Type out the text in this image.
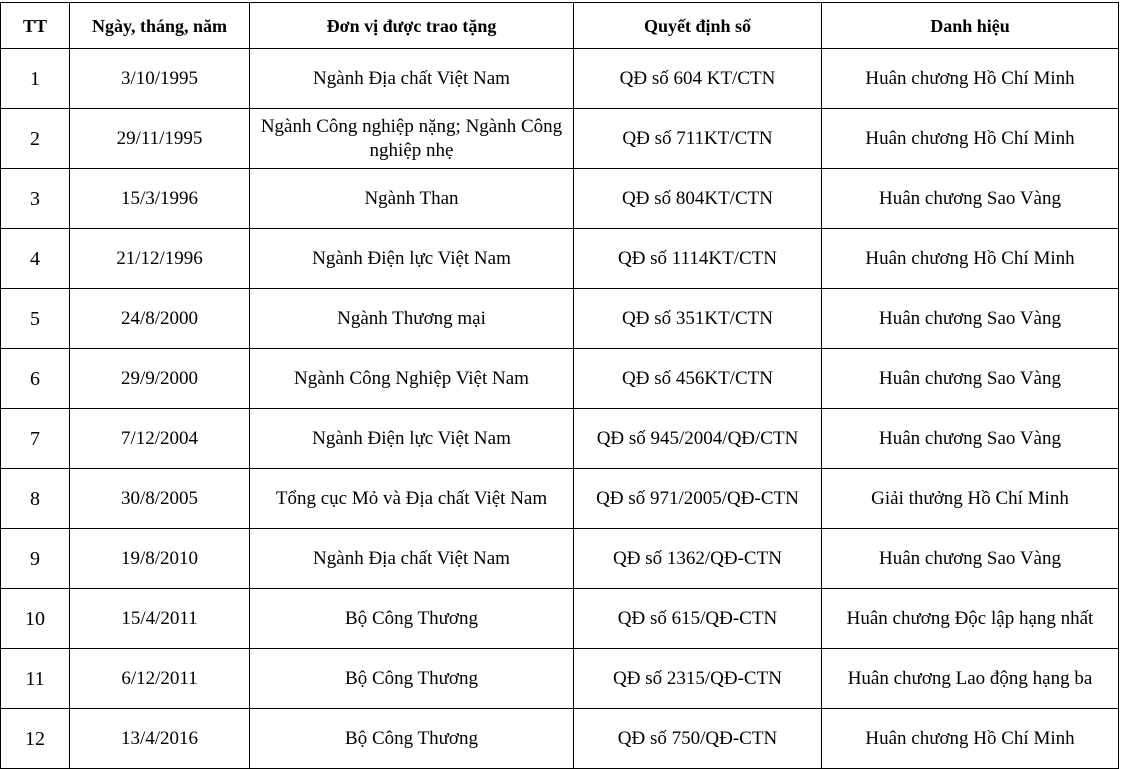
TT	Ngày, tháng, năm	Đơn vị được trao tặng	Quyết định số	Danh hiệu
1	3/10/1995	Ngành Địa chất Việt Nam	QĐ số 604 KT/CTN	Huân chương Hồ Chí Minh
2	29/11/1995	Ngành Công nghiệp nặng; Ngành Công nghiệp nhẹ	QĐ số 711KT/CTN	Huân chương Hồ Chí Minh
3	15/3/1996	Ngành Than	QĐ số 804KT/CTN	Huân chương Sao Vàng
4	21/12/1996	Ngành Điện lực Việt Nam	QĐ số 1114KT/CTN	Huân chương Hồ Chí Minh
5	24/8/2000	Ngành Thương mại	QĐ số 351KT/CTN	Huân chương Sao Vàng
6	29/9/2000	Ngành Công Nghiệp Việt Nam	QĐ số 456KT/CTN	Huân chương Sao Vàng
7	7/12/2004	Ngành Điện lực Việt Nam	QĐ số 945/2004/QĐ/CTN	Huân chương Sao Vàng
8	30/8/2005	Tổng cục Mỏ và Địa chất Việt Nam	QĐ số 971/2005/QĐ-CTN	Giải thưởng Hồ Chí Minh
9	19/8/2010	Ngành Địa chất Việt Nam	QĐ số 1362/QĐ-CTN	Huân chương Sao Vàng
10	15/4/2011	Bộ Công Thương	QĐ số 615/QĐ-CTN	Huân chương Độc lập hạng nhất
11	6/12/2011	Bộ Công Thương	QĐ số 2315/QĐ-CTN	Huân chương Lao động hạng ba
12	13/4/2016	Bộ Công Thương	QĐ số 750/QĐ-CTN	Huân chương Hồ Chí Minh
